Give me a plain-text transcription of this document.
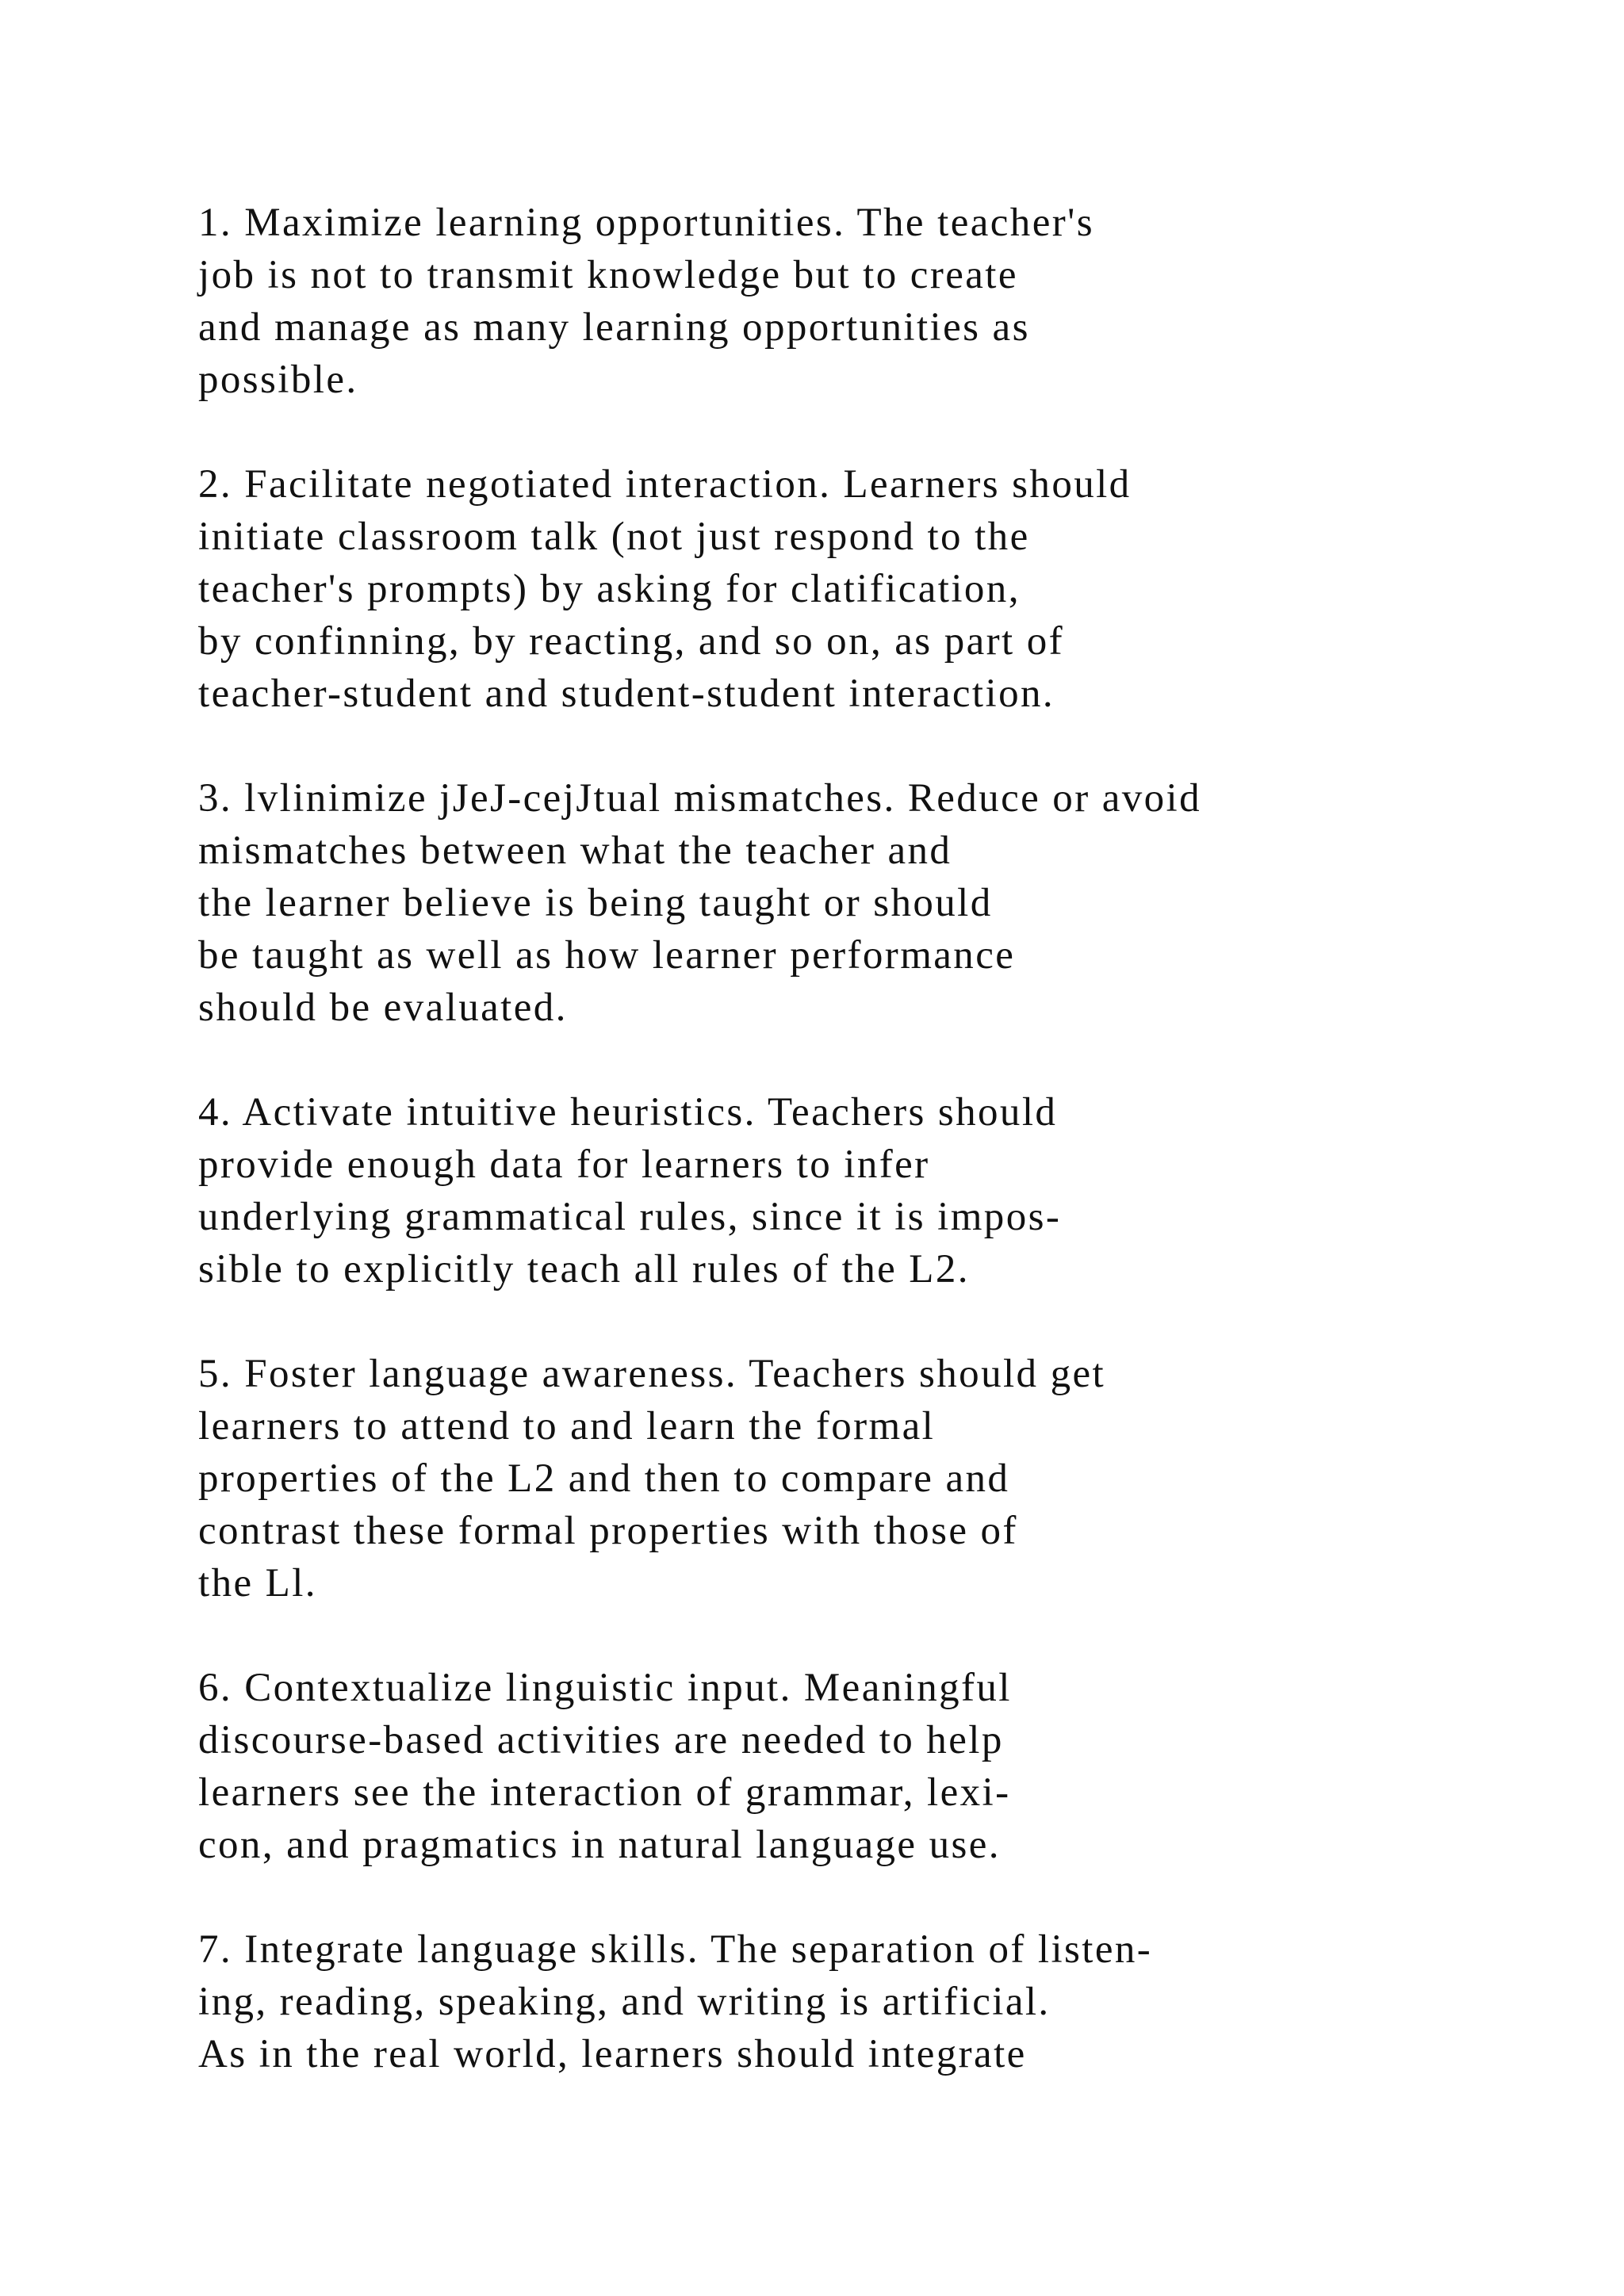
1. Maximize learning opportunities. The teacher's
job is not to transmit knowledge but to create
and manage as many learning opportunities as
possible.
2. Facilitate negotiated interaction. Learners should
initiate classroom talk (not just respond to the
teacher's prompts) by asking for clatification,
by confinning, by reacting, and so on, as part of
teacher-student and student-student interaction.
3. lvlinimize jJeJ-cejJtual mismatches. Reduce or avoid
mismatches between what the teacher and
the learner believe is being taught or should
be taught as well as how learner performance
should be evaluated.
4. Activate intuitive heuristics. Teachers should
provide enough data for learners to infer
underlying grammatical rules, since it is impos-
sible to explicitly teach all rules of the L2.
5. Foster language awareness. Teachers should get
learners to attend to and learn the formal
properties of the L2 and then to compare and
contrast these formal properties with those of
the Ll.
6. Contextualize linguistic input. Meaningful
discourse-based activities are needed to help
learners see the interaction of grammar, lexi-
con, and pragmatics in natural language use.
7. Integrate language skills. The separation of listen-
ing, reading, speaking, and writing is artificial.
As in the real world, learners should integrate
